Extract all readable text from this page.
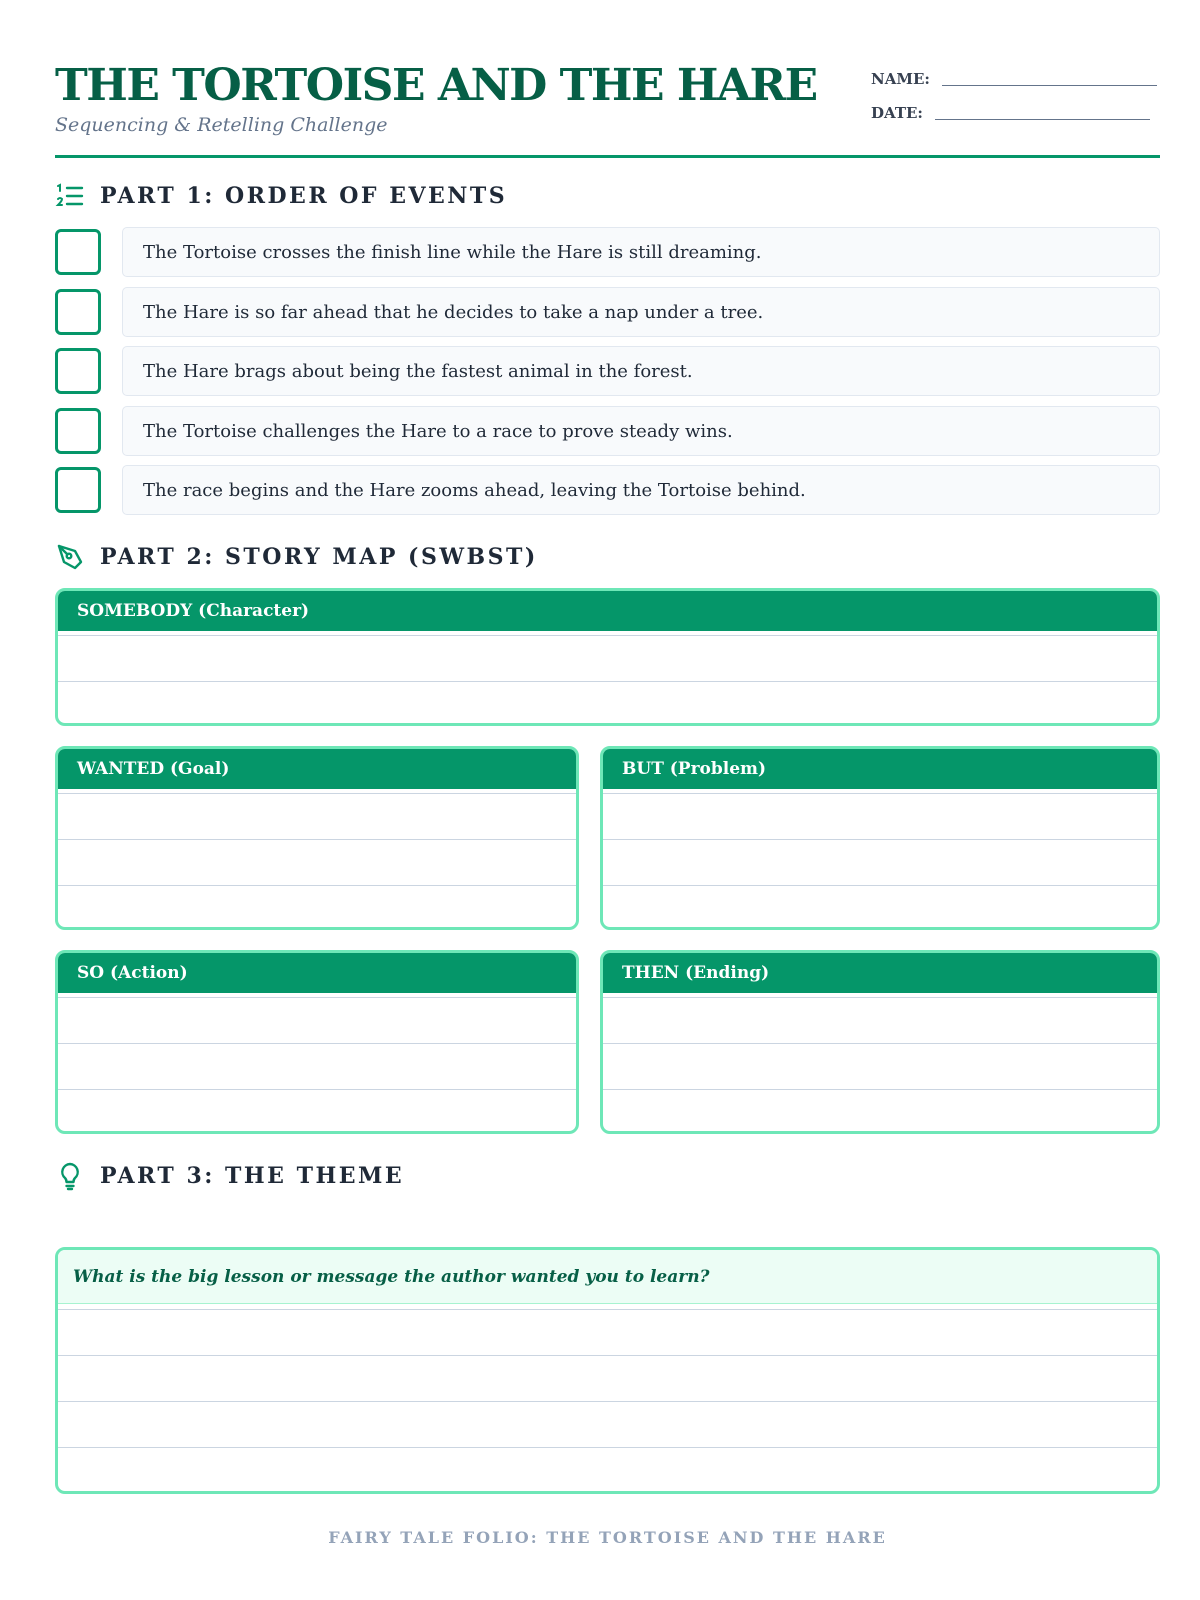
THE TORTOISE AND THE HARE
Sequencing & Retelling Challenge
NAME:
DATE:
PART 1: ORDER OF EVENTS
The Tortoise crosses the finish line while the Hare is still dreaming.
The Hare is so far ahead that he decides to take a nap under a tree.
The Hare brags about being the fastest animal in the forest.
The Tortoise challenges the Hare to a race to prove steady wins.
The race begins and the Hare zooms ahead, leaving the Tortoise behind.
PART 2: STORY MAP (SWBST)
SOMEBODY (Character)
WANTED (Goal)	BUT (Problem)
SO (Action)	THEN (Ending)
PART 3: THE THEME
What is the big lesson or message the author wanted you to learn?
FAIRY TALE FOLIO: THE TORTOISE AND THE HARE
